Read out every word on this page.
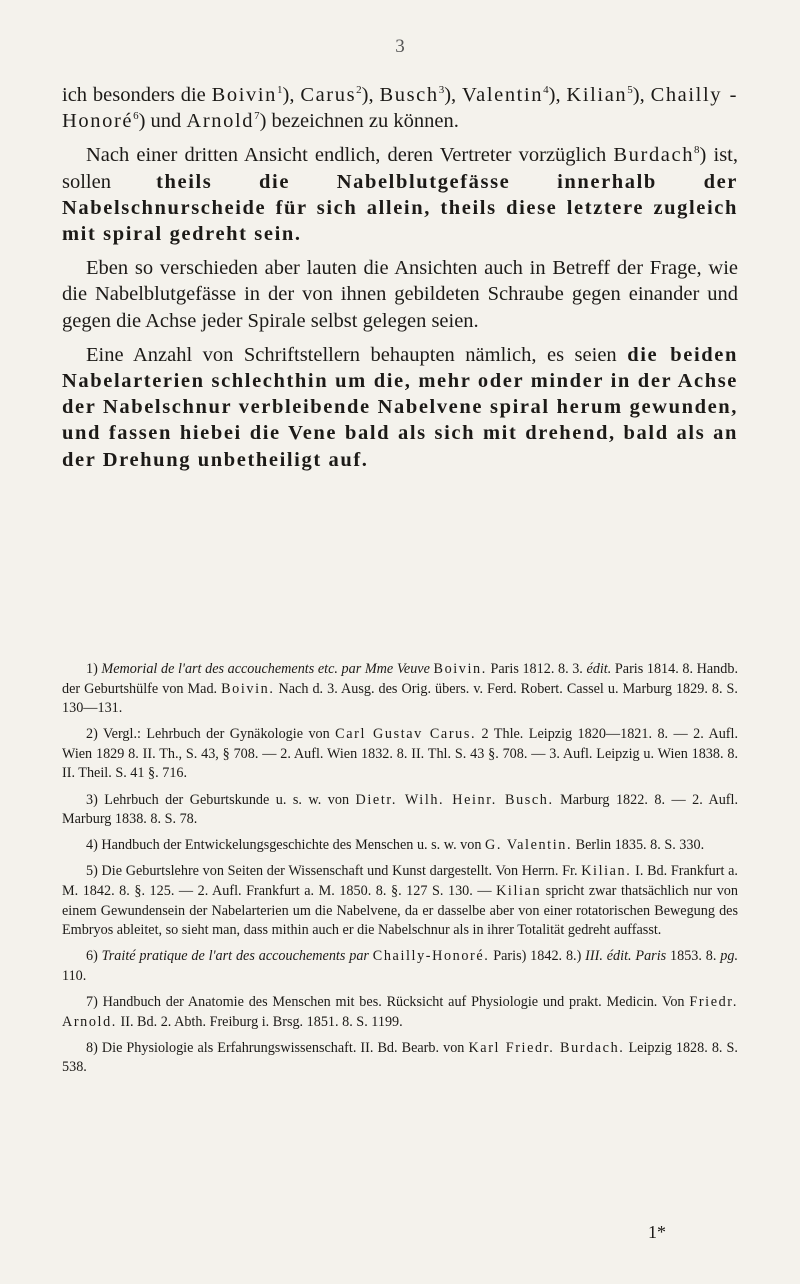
3

ich besonders die Boivin$^1$), Carus$^2$), Busch$^3$), Valentin$^4$), Kilian$^5$), Chailly - Honoré$^6$) und Arnold$^7$) bezeichnen zu können.

Nach einer dritten Ansicht endlich, deren Vertreter vorzüglich Burdach$^8$) ist, sollen theils die Nabelblutgefässe innerhalb der Nabelschnurscheide für sich allein, theils diese letztere zugleich mit spiral gedreht sein.

Eben so verschieden aber lauten die Ansichten auch in Betreff der Frage, wie die Nabelblutgefässe in der von ihnen gebildeten Schraube gegen einander und gegen die Achse jeder Spirale selbst gelegen seien.

Eine Anzahl von Schriftstellern behaupten nämlich, es seien die beiden Nabelarterien schlechthin um die, mehr oder minder in der Achse der Nabelschnur verbleibende Nabelvene spiral herum gewunden, und fassen hiebei die Vene bald als sich mit drehend, bald als an der Drehung unbetheiligt auf.

1) Memorial de l'art des accouchements etc. par Mme Veuve Boivin. Paris 1812. 8. 3. édit. Paris 1814. 8. Handb. der Geburtshülfe von Mad. Boivin. Nach d. 3. Ausg. des Orig. übers. v. Ferd. Robert. Cassel u. Marburg 1829. 8. S. 130—131.

2) Vergl.: Lehrbuch der Gynäkologie von Carl Gustav Carus. 2 Thle. Leipzig 1820—1821. 8. — 2. Aufl. Wien 1829 8. II. Th., S. 43, § 708. — 2. Aufl. Wien 1832. 8. II. Thl. S. 43 §. 708. — 3. Aufl. Leipzig u. Wien 1838. 8. II. Theil. S. 41 §. 716.

3) Lehrbuch der Geburtskunde u. s. w. von Dietr. Wilh. Heinr. Busch. Marburg 1822. 8. — 2. Aufl. Marburg 1838. 8. S. 78.

4) Handbuch der Entwickelungsgeschichte des Menschen u. s. w. von G. Valentin. Berlin 1835. 8. S. 330.

5) Die Geburtslehre von Seiten der Wissenschaft und Kunst dargestellt. Von Herrn. Fr. Kilian. I. Bd. Frankfurt a. M. 1842. 8. §. 125. — 2. Aufl. Frankfurt a. M. 1850. 8. §. 127 S. 130. — Kilian spricht zwar thatsächlich nur von einem Gewundensein der Nabelarterien um die Nabelvene, da er dasselbe aber von einer rotatorischen Bewegung des Embryos ableitet, so sieht man, dass mithin auch er die Nabelschnur als in ihrer Totalität gedreht auffasst.

6) Traité pratique de l'art des accouchements par Chailly-Honoré. Paris) 1842. 8.) III. édit. Paris 1853. 8. pg. 110.

7) Handbuch der Anatomie des Menschen mit bes. Rücksicht auf Physiologie und prakt. Medicin. Von Friedr. Arnold. II. Bd. 2. Abth. Freiburg i. Brsg. 1851. 8. S. 1199.

8) Die Physiologie als Erfahrungswissenschaft. II. Bd. Bearb. von Karl Friedr. Burdach. Leipzig 1828. 8. S. 538.

1*
